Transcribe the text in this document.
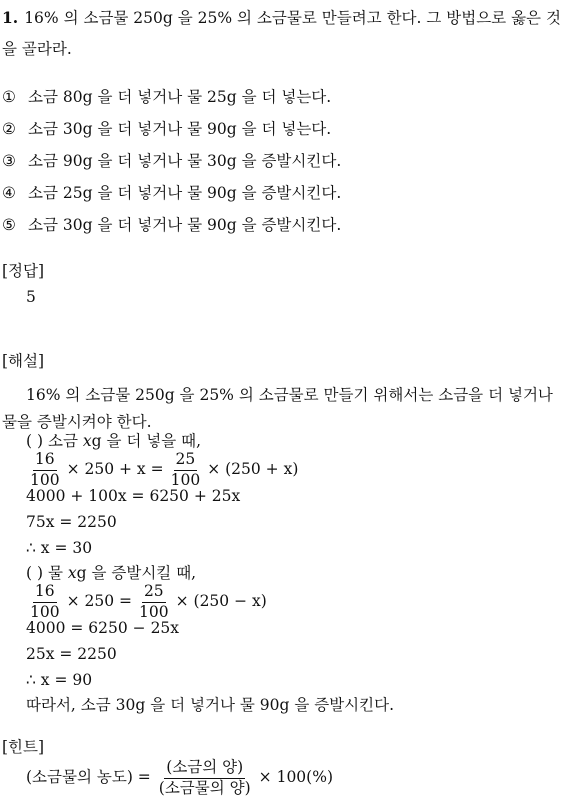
1. 16% 의 소금물 250g 을 25% 의 소금물로 만들려고 한다. 그 방법으로 옳은 것을 골라라.
① 소금 80g 을 더 넣거나 물 25g 을 더 넣는다.
② 소금 30g 을 더 넣거나 물 90g 을 더 넣는다.
③ 소금 90g 을 더 넣거나 물 30g 을 증발시킨다.
④ 소금 25g 을 더 넣거나 물 90g 을 증발시킨다.
⑤ 소금 30g 을 더 넣거나 물 90g 을 증발시킨다.
[정답]
5
[해설]
16% 의 소금물 250g 을 25% 의 소금물로 만들기 위해서는 소금을 더 넣거나 물을 증발시켜야 한다.
( ) 소금 xg 을 더 넣을 때,
$\frac{16}{100} \times 250 + x = \frac{25}{100} \times (250 + x)$
4000 + 100x = 6250 + 25x
75x = 2250
∴ x = 30
( ) 물 xg 을 증발시킬 때,
$\frac{16}{100} \times 250 = \frac{25}{100} \times (250 - x)$
4000 = 6250 − 25x
25x = 2250
∴ x = 90
따라서, 소금 30g 을 더 넣거나 물 90g 을 증발시킨다.
[힌트]
(소금물의 농도) = $\frac{\text{(소금의 양)}}{\text{(소금물의 양)}} \times 100(\%)$
